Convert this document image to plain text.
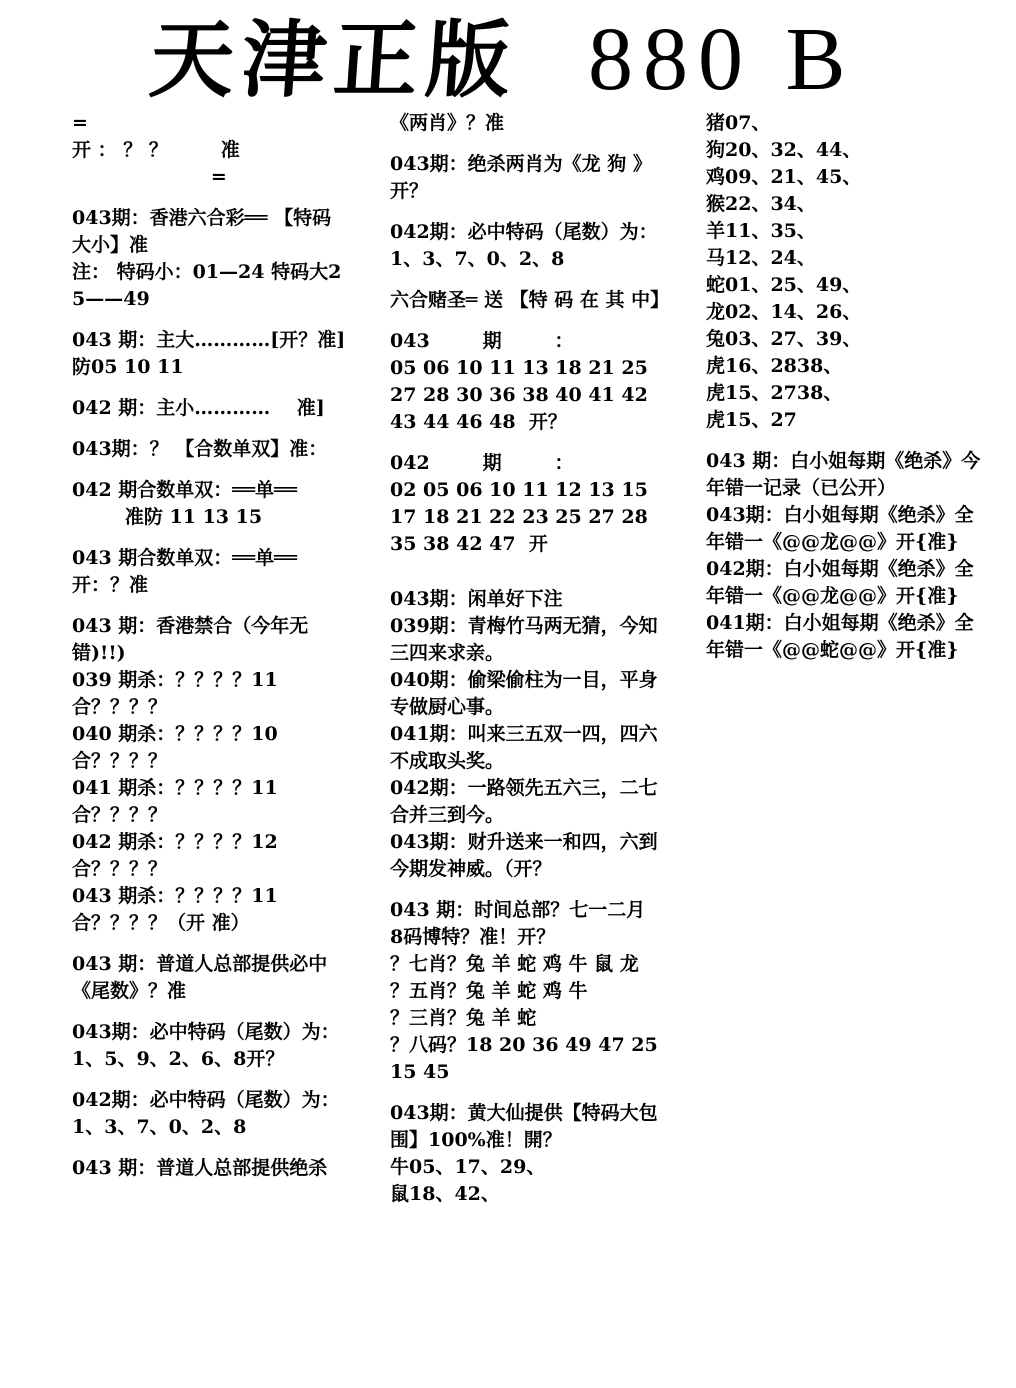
天津正版 880 B

=

开 ： ？ ？        准

=

043期：香港六合彩══ 【特码大小】准

注： 特码小：01—24 特码大25——49

043 期：主大…………[开？准] 防05 10 11

042 期：主小…………    准]

043期：？ 【合数单双】准：

042 期合数单双：══单══

准防 11 13 15

043 期合数单双：══单══

开：？准

043 期：香港禁合（今年无错)!!)

039 期杀：？？？？11 合？？？？

040 期杀：？？？？10 合？？？？

041 期杀：？？？？11 合？？？？

042 期杀：？？？？12 合？？？？

043 期杀：？？？？11 合？？？？（开 准）

043 期：普道人总部提供必中《尾数》？准

043期：必中特码（尾数）为：1、5、9、2、6、8开？

042期：必中特码（尾数）为：1、3、7、0、2、8

043 期：普道人总部提供绝杀

《两肖》？准

043期：绝杀两肖为《龙 狗 》开？

042期：必中特码（尾数）为：1、3、7、0、2、8

六合赌圣═ 送 【特 码 在 其 中】

043        期        ：

05 06 10 11 13 18 21 25 27 28 30 36 38 40 41 42 43 44 46 48  开？

042        期        ：

02 05 06 10 11 12 13 15 17 18 21 22 23 25 27 28 35 38 42 47  开

043期：闲单好下注

039期：青梅竹马两无猜，今知三四来求亲。

040期：偷梁偷柱为一目，平身专做厨心事。

041期：叫来三五双一四，四六不成取头奖。

042期：一路领先五六三，二七合并三到今。

043期：财升送来一和四，六到今期发神威。（开？

043 期：时间总部？七一二月 8码博特？准！开？

？七肖？兔 羊 蛇 鸡 牛 鼠 龙

？五肖？兔 羊 蛇 鸡 牛

？三肖？兔 羊 蛇

？八码？18 20 36 49 47 25 15 45

043期：黄大仙提供【特码大包围】100%准！開？

牛05、17、29、

鼠18、42、

猪07、

狗20、32、44、

鸡09、21、45、

猴22、34、

羊11、35、

马12、24、

蛇01、25、49、

龙02、14、26、

兔03、27、39、

虎16、2838、

虎15、2738、

虎15、27

043 期：白小姐每期《绝杀》今年错一记录（已公开）

043期：白小姐每期《绝杀》全年错一《@@龙@@》开{准}

042期：白小姐每期《绝杀》全年错一《@@龙@@》开{准}

041期：白小姐每期《绝杀》全年错一《@@蛇@@》开{准}
